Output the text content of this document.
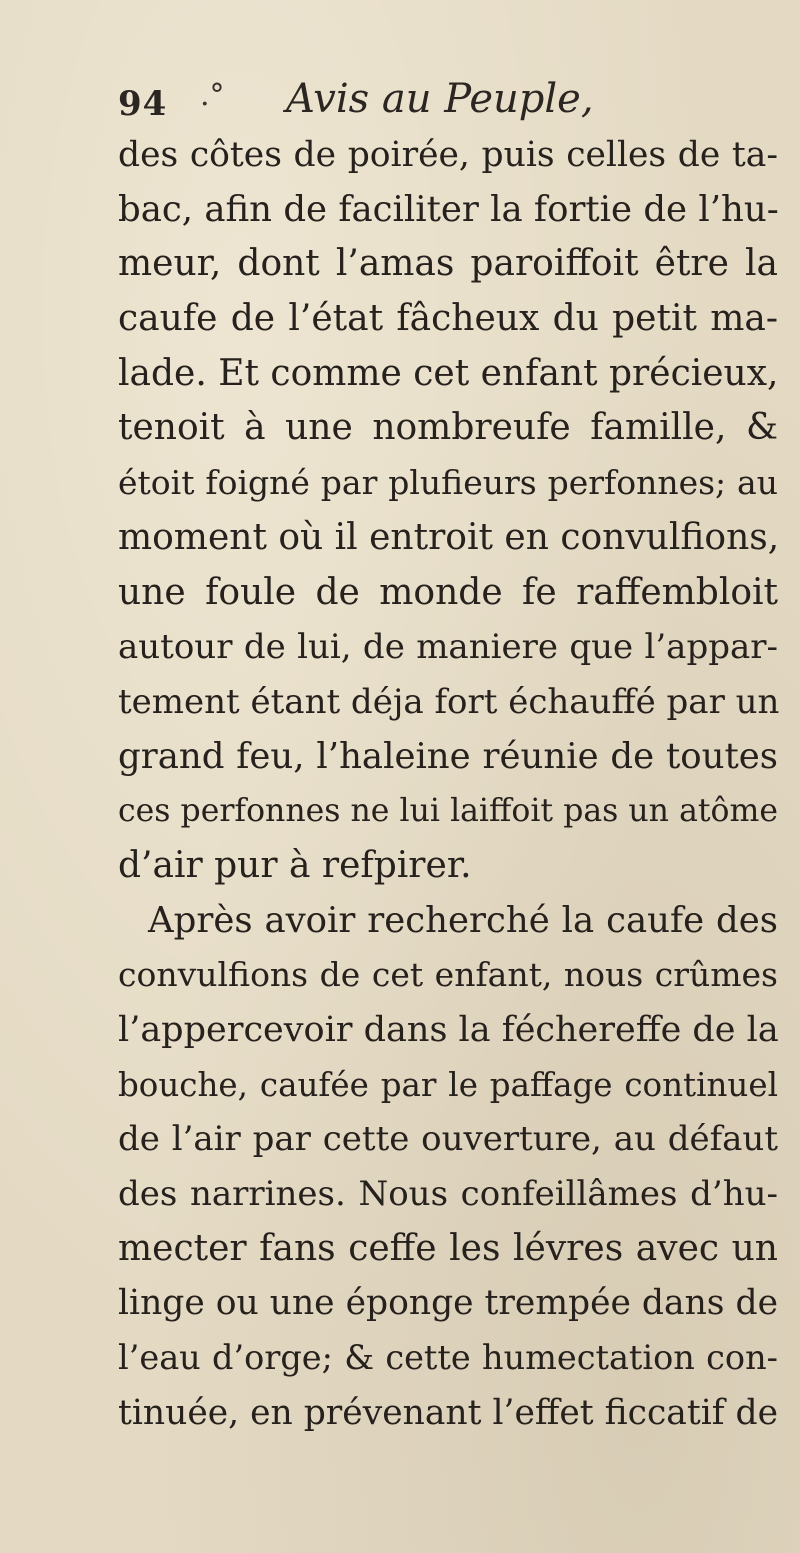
94 .° Avis au Peuple,
des côtes de poirée, puis celles de ta-
bac, afin de faciliter la fortie de l’hu-
meur, dont l’amas paroiffoit être la
caufe de l’état fâcheux du petit ma-
lade. Et comme cet enfant précieux,
tenoit à une nombreufe famille, &
étoit foigné par plufieurs perfonnes; au
moment où il entroit en convulfions,
une foule de monde fe raffembloit
autour de lui, de maniere que l’appar-
tement étant déja fort échauffé par un
grand feu, l’haleine réunie de toutes
ces perfonnes ne lui laiffoit pas un atôme
d’air pur à refpirer.
Après avoir recherché la caufe des
convulfions de cet enfant, nous crûmes
l’appercevoir dans la féchereffe de la
bouche, caufée par le paffage continuel
de l’air par cette ouverture, au défaut
des narrines. Nous confeillâmes d’hu-
mecter fans ceffe les lévres avec un
linge ou une éponge trempée dans de
l’eau d’orge; & cette humectation con-
tinuée, en prévenant l’effet ficcatif de
